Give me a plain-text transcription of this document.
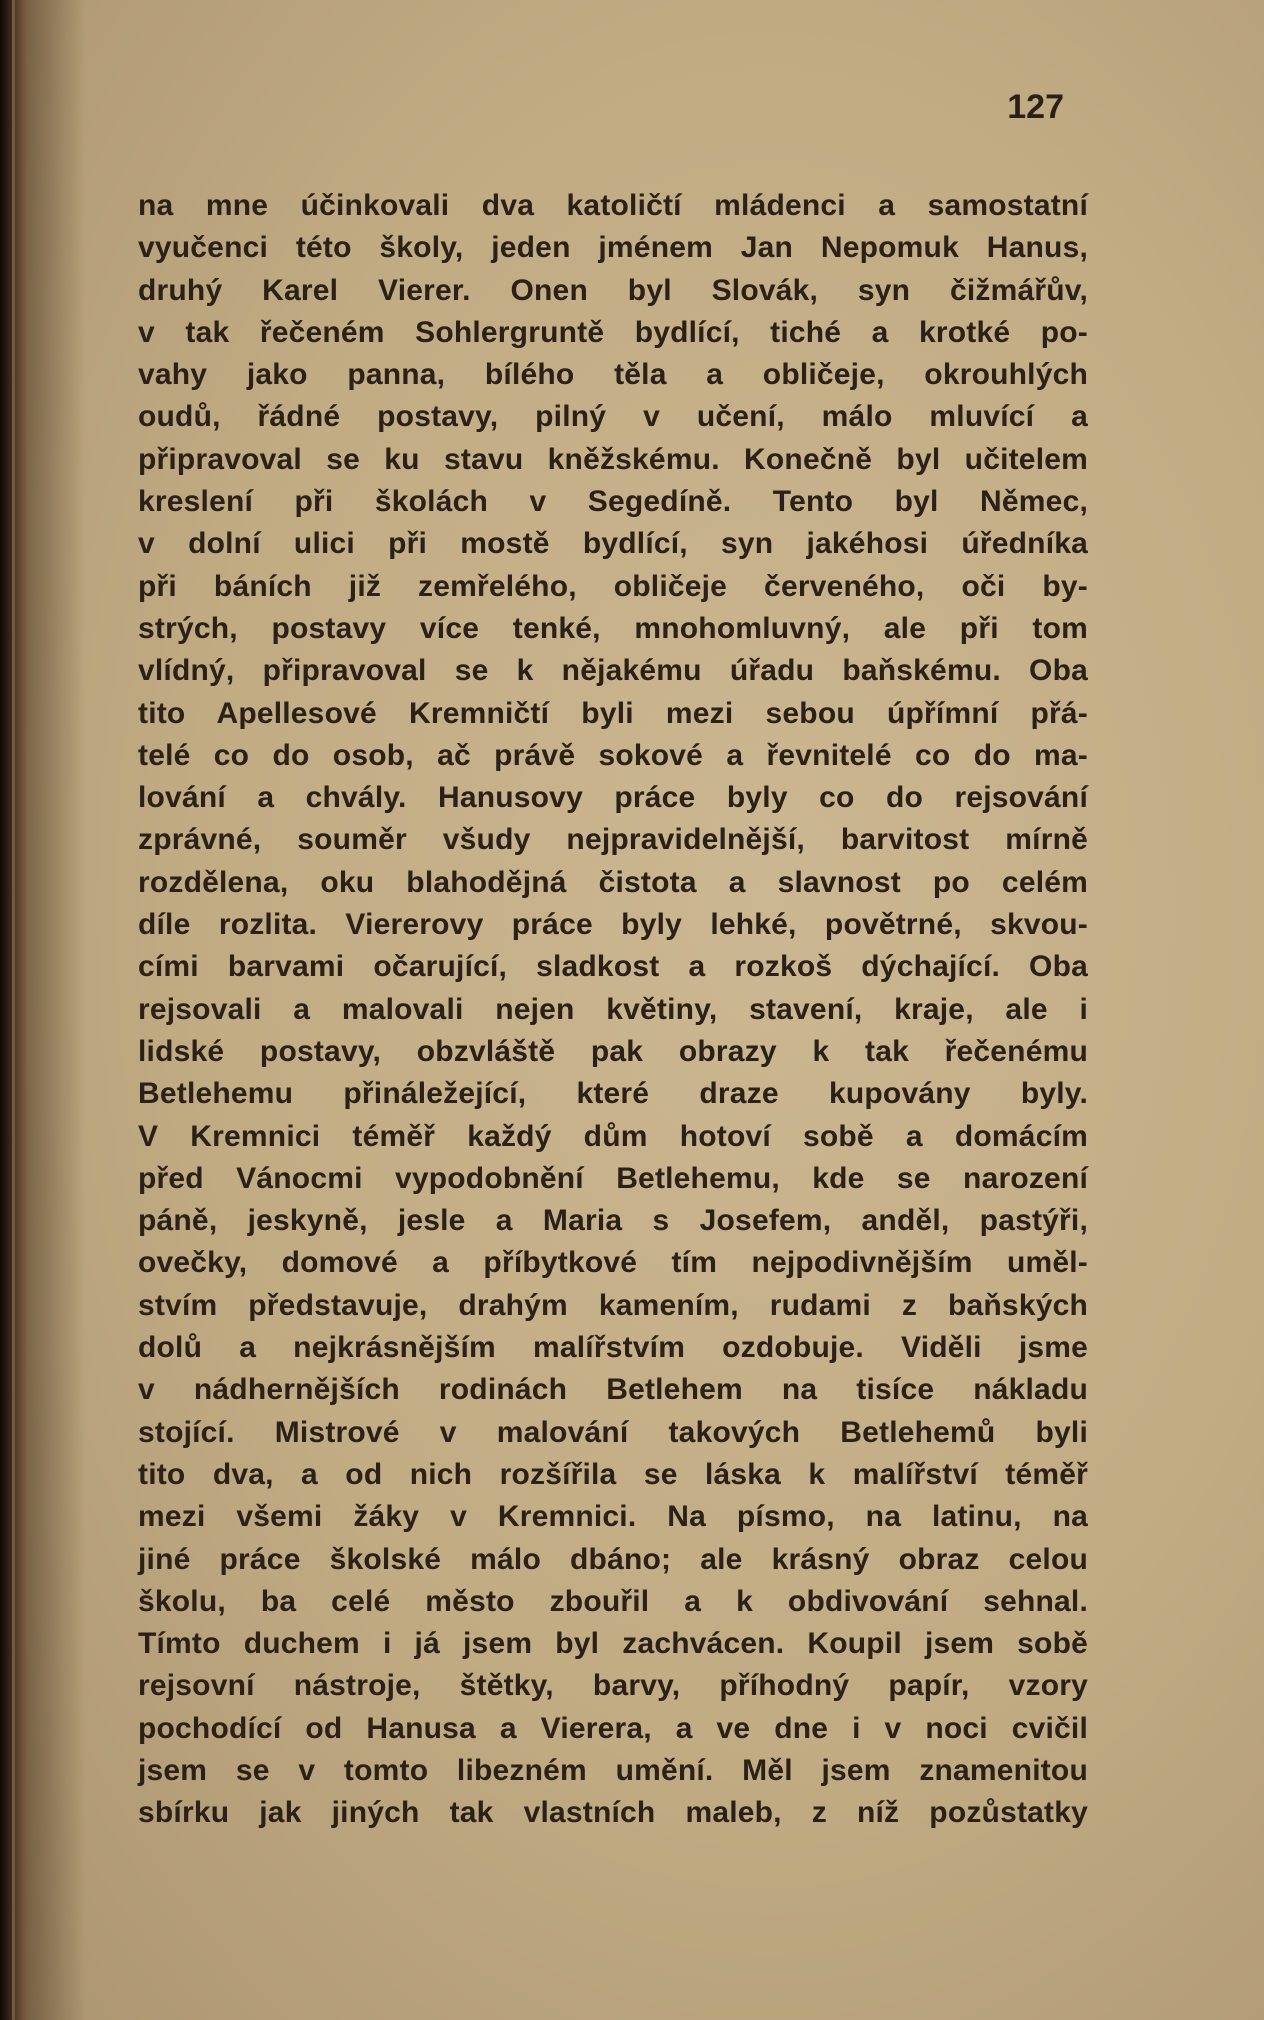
127
na mne účinkovali dva katoličtí mládenci a samostatní
vyučenci této školy, jeden jménem Jan Nepomuk Hanus,
druhý Karel Vierer. Onen byl Slovák, syn čižmářův,
v tak řečeném Sohlergruntě bydlící, tiché a krotké po-
vahy jako panna, bílého těla a obličeje, okrouhlých
oudů, řádné postavy, pilný v učení, málo mluvící a
připravoval se ku stavu kněžskému. Konečně byl učitelem
kreslení při školách v Segedíně. Tento byl Němec,
v dolní ulici při mostě bydlící, syn jakéhosi úředníka
při báních již zemřelého, obličeje červeného, oči by-
strých, postavy více tenké, mnohomluvný, ale při tom
vlídný, připravoval se k nějakému úřadu baňskému. Oba
tito Apellesové Kremničtí byli mezi sebou úpřímní přá-
telé co do osob, ač právě sokové a řevnitelé co do ma-
lování a chvály. Hanusovy práce byly co do rejsování
zprávné, souměr všudy nejpravidelnější, barvitost mírně
rozdělena, oku blahodějná čistota a slavnost po celém
díle rozlita. Viererovy práce byly lehké, povětrné, skvou-
cími barvami očarující, sladkost a rozkoš dýchající. Oba
rejsovali a malovali nejen květiny, stavení, kraje, ale i
lidské postavy, obzvláště pak obrazy k tak řečenému
Betlehemu přináležející, které draze kupovány byly.
V Kremnici téměř každý dům hotoví sobě a domácím
před Vánocmi vypodobnění Betlehemu, kde se narození
páně, jeskyně, jesle a Maria s Josefem, anděl, pastýři,
ovečky, domové a příbytkové tím nejpodivnějším uměl-
stvím představuje, drahým kamením, rudami z baňských
dolů a nejkrásnějším malířstvím ozdobuje. Viděli jsme
v nádhernějších rodinách Betlehem na tisíce nákladu
stojící. Mistrové v malování takových Betlehemů byli
tito dva, a od nich rozšířila se láska k malířství téměř
mezi všemi žáky v Kremnici. Na písmo, na latinu, na
jiné práce školské málo dbáno; ale krásný obraz celou
školu, ba celé město zbouřil a k obdivování sehnal.
Tímto duchem i já jsem byl zachvácen. Koupil jsem sobě
rejsovní nástroje, štětky, barvy, příhodný papír, vzory
pochodící od Hanusa a Vierera, a ve dne i v noci cvičil
jsem se v tomto libezném umění. Měl jsem znamenitou
sbírku jak jiných tak vlastních maleb, z níž pozůstatky
